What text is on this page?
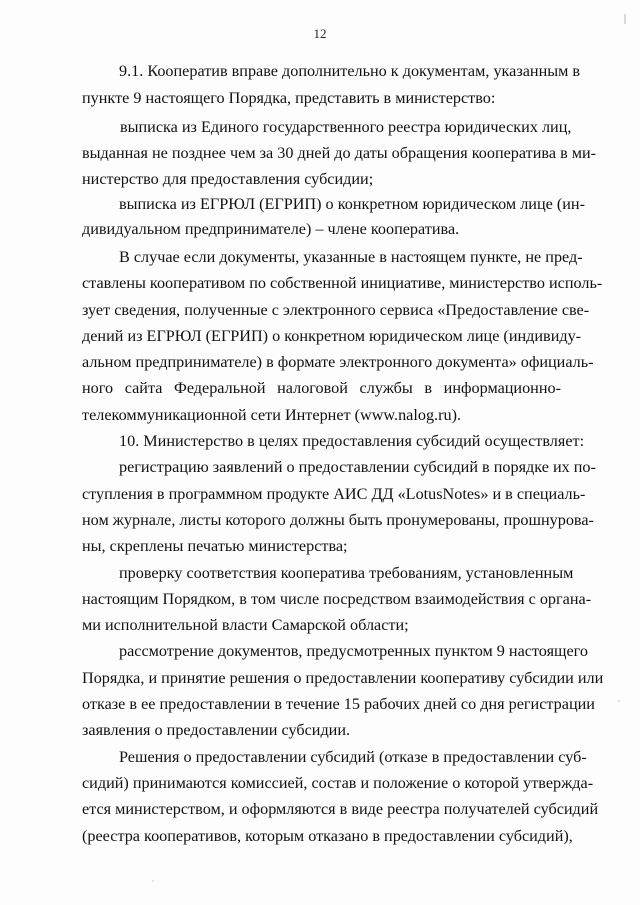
12
9.1. Кооператив вправе дополнительно к документам, указанным в
пункте 9 настоящего Порядка, представить в министерство:
выписка из Единого государственного реестра юридических лиц,
выданная не позднее чем за 30 дней до даты обращения кооператива в ми-
нистерство для предоставления субсидии;
выписка из ЕГРЮЛ (ЕГРИП) о конкретном юридическом лице (ин-
дивидуальном предпринимателе) – члене кооператива.
В случае если документы, указанные в настоящем пункте, не пред-
ставлены кооперативом по собственной инициативе, министерство исполь-
зует сведения, полученные с электронного сервиса «Предоставление све-
дений из ЕГРЮЛ (ЕГРИП) о конкретном юридическом лице (индивиду-
альном предпринимателе) в формате электронного документа» официаль-
ного сайта Федеральной налоговой службы в информационно-
телекоммуникационной сети Интернет (www.nalog.ru).
10. Министерство в целях предоставления субсидий осуществляет:
регистрацию заявлений о предоставлении субсидий в порядке их по-
ступления в программном продукте АИС ДД «LotusNotes» и в специаль-
ном журнале, листы которого должны быть пронумерованы, прошнурова-
ны, скреплены печатью министерства;
проверку соответствия кооператива требованиям, установленным
настоящим Порядком, в том числе посредством взаимодействия с органа-
ми исполнительной власти Самарской области;
рассмотрение документов, предусмотренных пунктом 9 настоящего
Порядка, и принятие решения о предоставлении кооперативу субсидии или
отказе в ее предоставлении в течение 15 рабочих дней со дня регистрации
заявления о предоставлении субсидии.
Решения о предоставлении субсидий (отказе в предоставлении суб-
сидий) принимаются комиссией, состав и положение о которой утвержда-
ется министерством, и оформляются в виде реестра получателей субсидий
(реестра кооперативов, которым отказано в предоставлении субсидий),
